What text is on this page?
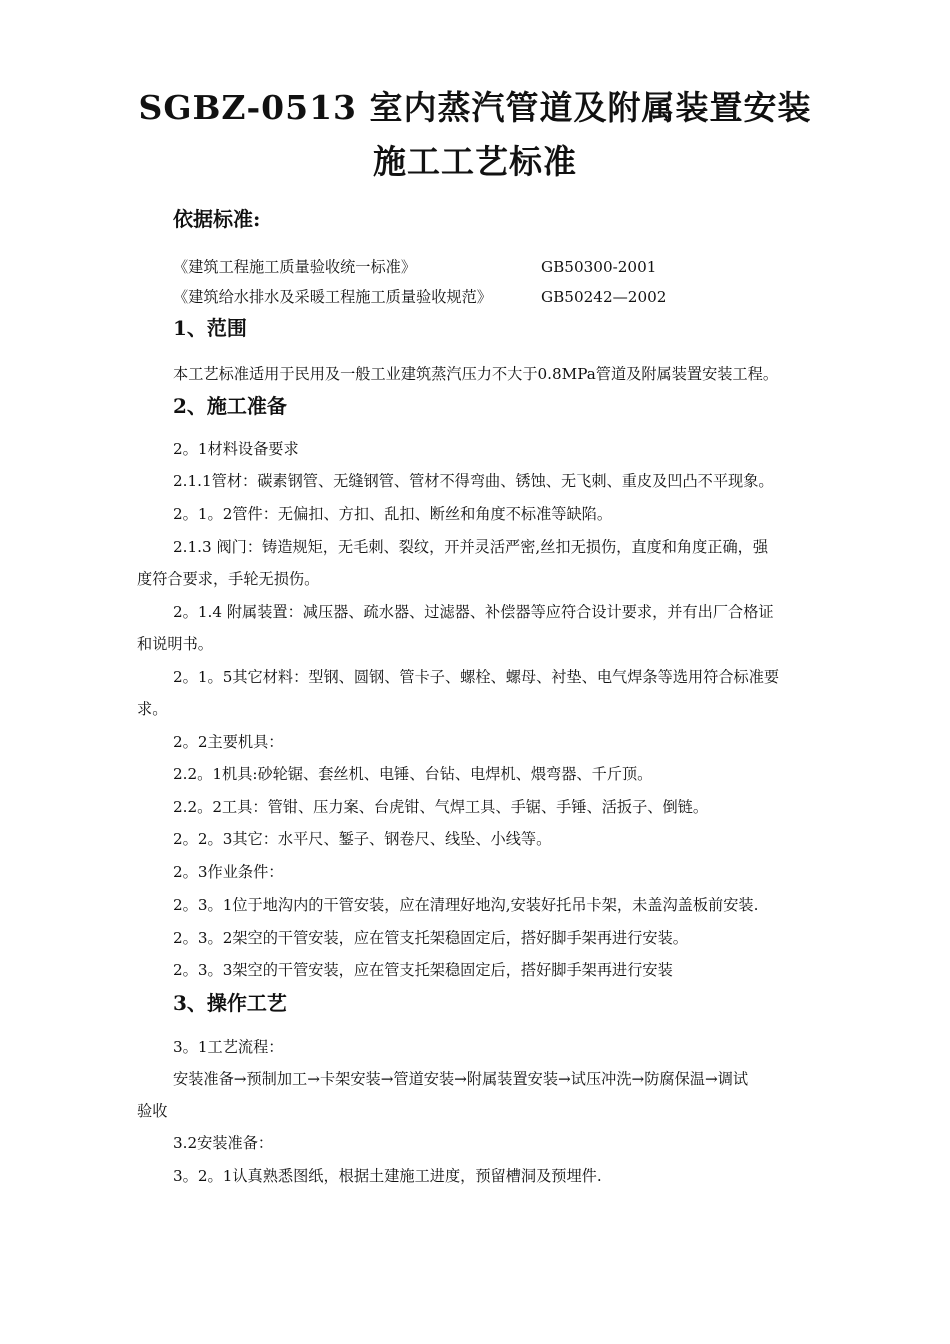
SGBZ-0513 室内蒸汽管道及附属装置安装
施工工艺标准
依据标准:
《建筑工程施工质量验收统一标准》	GB50300-2001
《建筑给水排水及采暖工程施工质量验收规范》	GB50242—2002
1、范围
本工艺标准适用于民用及一般工业建筑蒸汽压力不大于0.8MPa管道及附属装置安装工程。
2、施工准备
2。1材料设备要求
2.1.1管材：碳素钢管、无缝钢管、管材不得弯曲、锈蚀、无飞刺、重皮及凹凸不平现象。
2。1。2管件：无偏扣、方扣、乱扣、断丝和角度不标准等缺陷。
2.1.3 阀门：铸造规矩，无毛刺、裂纹，开并灵活严密,丝扣无损伤，直度和角度正确，强
度符合要求，手轮无损伤。
2。1.4 附属装置：减压器、疏水器、过滤器、补偿器等应符合设计要求，并有出厂合格证
和说明书。
2。1。5其它材料：型钢、圆钢、管卡子、螺栓、螺母、衬垫、电气焊条等选用符合标准要
求。
2。2主要机具：
2.2。1机具:砂轮锯、套丝机、电锤、台钻、电焊机、煨弯器、千斤顶。
2.2。2工具：管钳、压力案、台虎钳、气焊工具、手锯、手锤、活扳子、倒链。
2。2。3其它：水平尺、錾子、钢卷尺、线坠、小线等。
2。3作业条件：
2。3。1位于地沟内的干管安装，应在清理好地沟,安装好托吊卡架，未盖沟盖板前安装.
2。3。2架空的干管安装，应在管支托架稳固定后，搭好脚手架再进行安装。
2。3。3架空的干管安装，应在管支托架稳固定后，搭好脚手架再进行安装
3、操作工艺
3。1工艺流程：
安装准备→预制加工→卡架安装→管道安装→附属装置安装→试压冲洗→防腐保温→调试
验收
3.2安装准备：
3。2。1认真熟悉图纸，根据土建施工进度，预留槽洞及预埋件.
